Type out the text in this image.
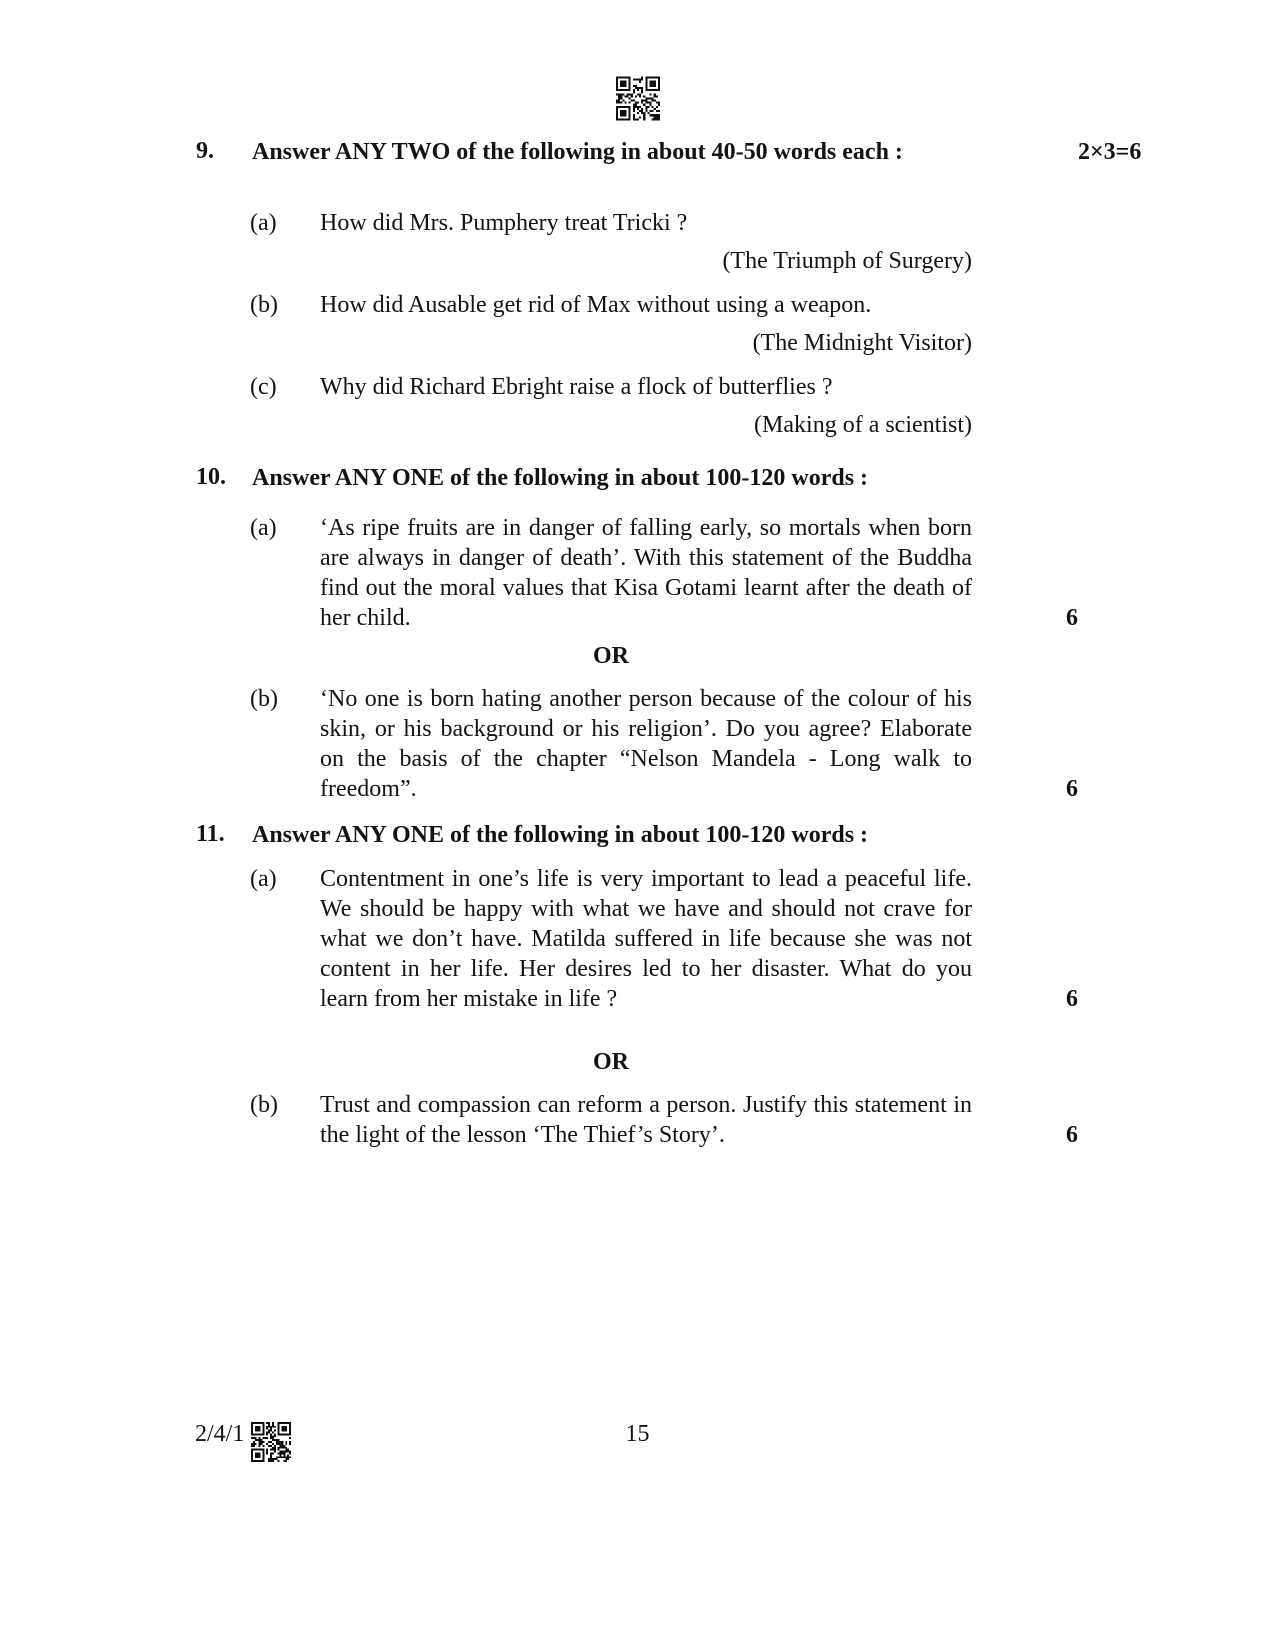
9.	Answer ANY TWO of the following in about 40-50 words each :	2×3=6
(a)	How did Mrs. Pumphery treat Tricki ?
(The Triumph of Surgery)
(b)	How did Ausable get rid of Max without using a weapon.
(The Midnight Visitor)
(c)	Why did Richard Ebright raise a flock of butterflies ?
(Making of a scientist)
10.	Answer ANY ONE of the following in about 100-120 words :
(a)	‘As ripe fruits are in danger of falling early, so mortals when born are always in danger of death’. With this statement of the Buddha find out the moral values that Kisa Gotami learnt after the death of her child.	6
OR
(b)	‘No one is born hating another person because of the colour of his skin, or his background or his religion’. Do you agree? Elaborate on the basis of the chapter “Nelson Mandela - Long walk to freedom”.	6
11.	Answer ANY ONE of the following in about 100-120 words :
(a)	Contentment in one’s life is very important to lead a peaceful life. We should be happy with what we have and should not crave for what we don’t have. Matilda suffered in life because she was not content in her life. Her desires led to her disaster. What do you learn from her mistake in life ?	6
OR
(b)	Trust and compassion can reform a person. Justify this statement in the light of the lesson ‘The Thief’s Story’.	6
2/4/1	15
